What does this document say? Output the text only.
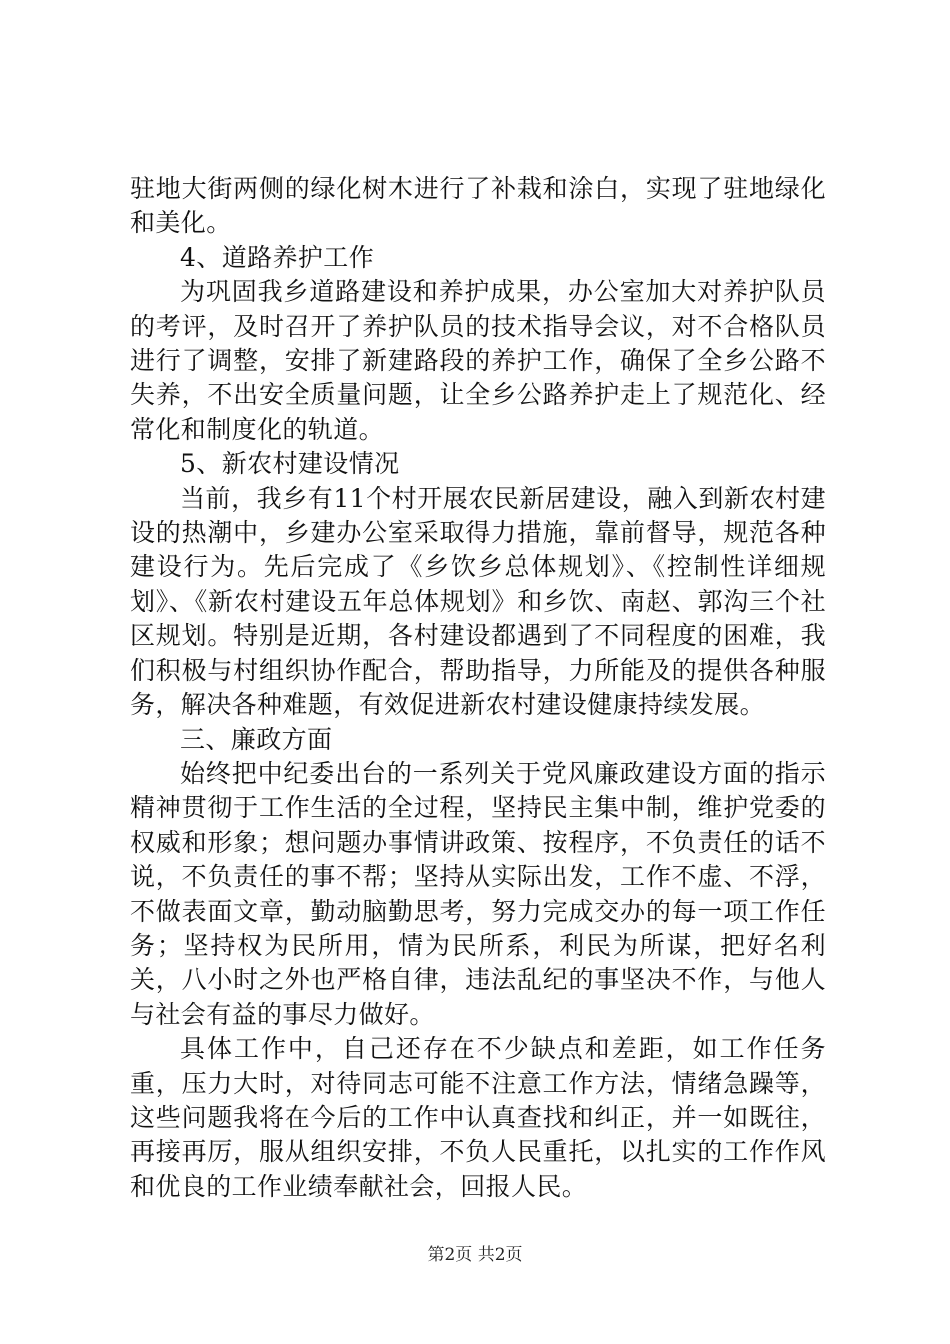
驻地大街两侧的绿化树木进行了补栽和涂白，实现了驻地绿化和美化。

4、道路养护工作

为巩固我乡道路建设和养护成果，办公室加大对养护队员的考评，及时召开了养护队员的技术指导会议，对不合格队员进行了调整，安排了新建路段的养护工作，确保了全乡公路不失养，不出安全质量问题，让全乡公路养护走上了规范化、经常化和制度化的轨道。

5、新农村建设情况

当前，我乡有11个村开展农民新居建设，融入到新农村建设的热潮中，乡建办公室采取得力措施，靠前督导，规范各种建设行为。先后完成了《乡饮乡总体规划》、《控制性详细规划》、《新农村建设五年总体规划》和乡饮、南赵、郭沟三个社区规划。特别是近期，各村建设都遇到了不同程度的困难，我们积极与村组织协作配合，帮助指导，力所能及的提供各种服务，解决各种难题，有效促进新农村建设健康持续发展。

三、廉政方面

始终把中纪委出台的一系列关于党风廉政建设方面的指示精神贯彻于工作生活的全过程，坚持民主集中制，维护党委的权威和形象；想问题办事情讲政策、按程序，不负责任的话不说，不负责任的事不帮；坚持从实际出发，工作不虚、不浮，不做表面文章，勤动脑勤思考，努力完成交办的每一项工作任务；坚持权为民所用，情为民所系，利民为所谋，把好名利关，八小时之外也严格自律，违法乱纪的事坚决不作，与他人与社会有益的事尽力做好。

具体工作中，自己还存在不少缺点和差距，如工作任务重，压力大时，对待同志可能不注意工作方法，情绪急躁等，这些问题我将在今后的工作中认真查找和纠正，并一如既往，再接再厉，服从组织安排，不负人民重托，以扎实的工作作风和优良的工作业绩奉献社会，回报人民。

第2页 共2页
